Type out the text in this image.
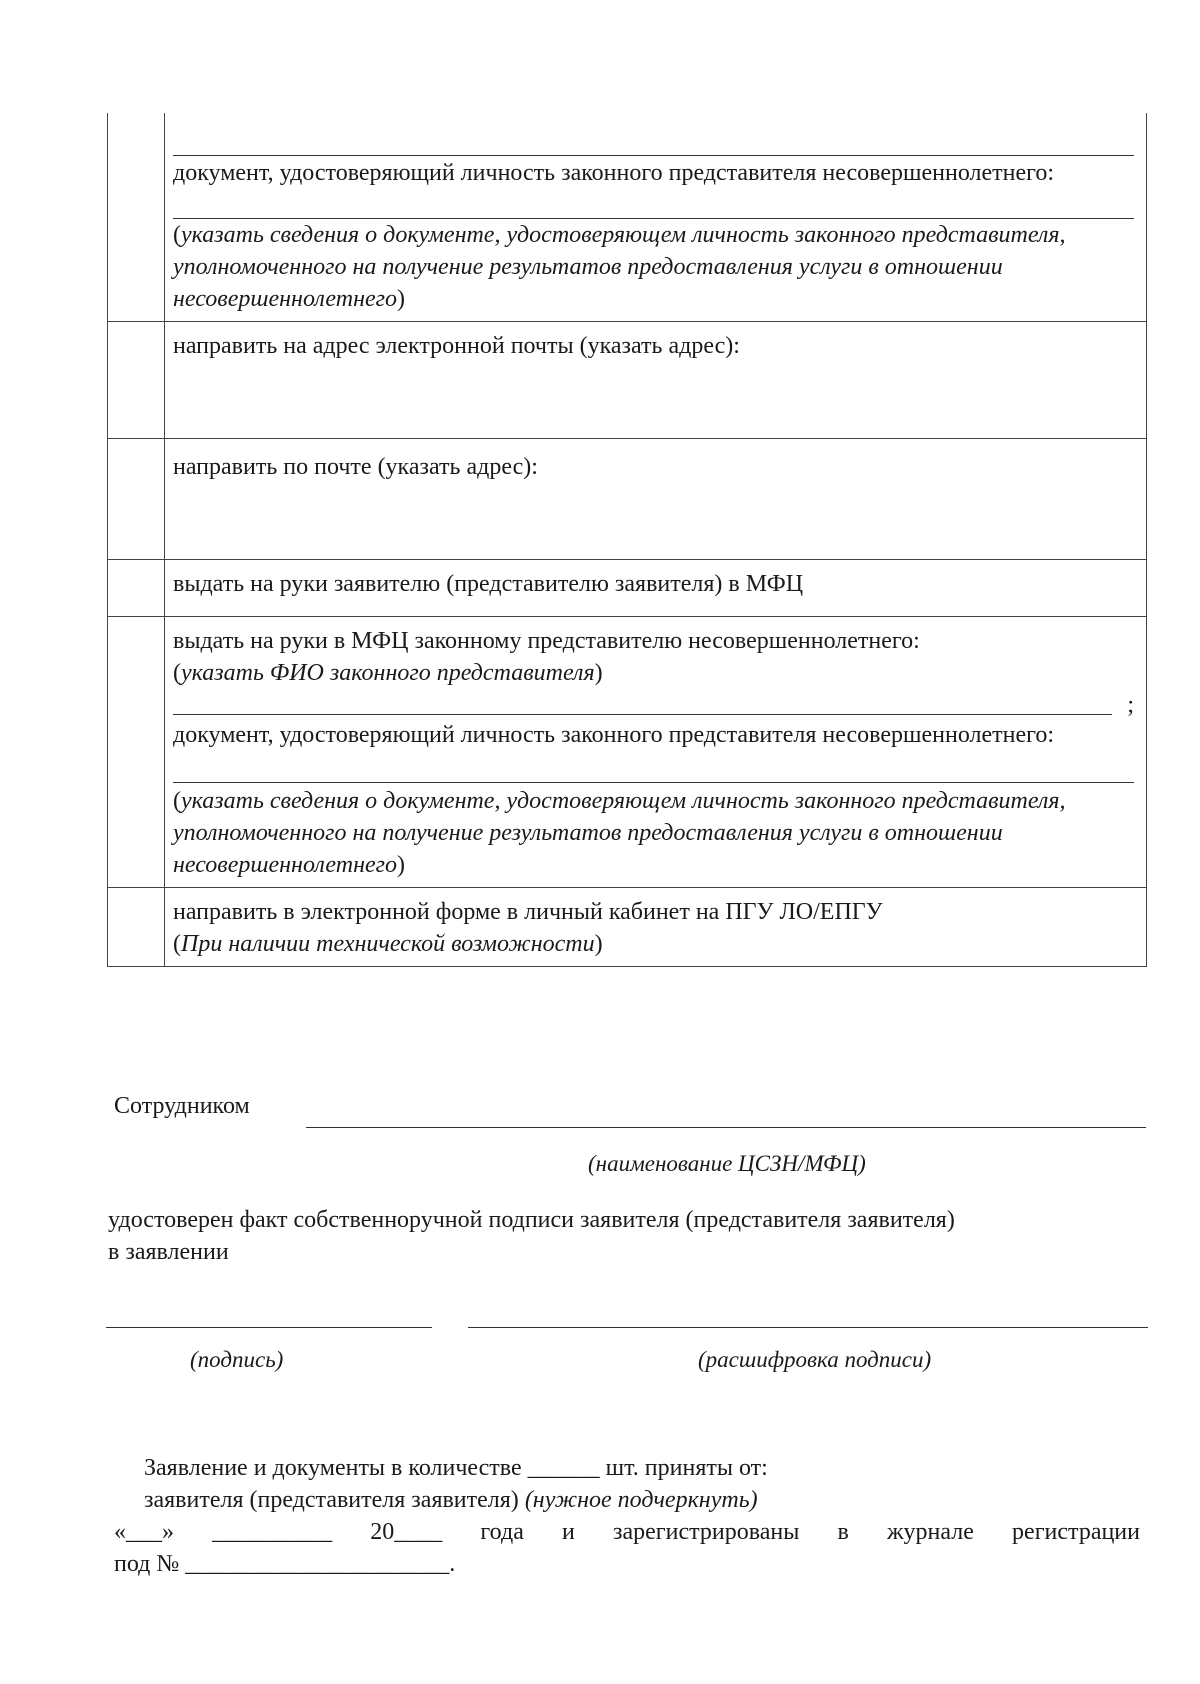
	документ, удостоверяющий личность законного представителя несовершеннолетнего:
(указать сведения о документе, удостоверяющем личность законного представителя, уполномоченного на получение результатов предоставления услуги в отношении несовершеннолетнего)

	направить на адрес электронной почты (указать адрес):

	направить по почте (указать адрес):

	выдать на руки заявителю (представителю заявителя) в МФЦ

	выдать на руки в МФЦ законному представителю несовершеннолетнего:
(указать ФИО законного представителя)
;
документ, удостоверяющий личность законного представителя несовершеннолетнего:
(указать сведения о документе, удостоверяющем личность законного представителя, уполномоченного на получение результатов предоставления услуги в отношении несовершеннолетнего)

	направить в электронной форме в личный кабинет на ПГУ ЛО/ЕПГУ
(При наличии технической возможности)
Сотрудником
(наименование ЦСЗН/МФЦ)
удостоверен факт собственноручной подписи заявителя (представителя заявителя)
в заявлении
(подпись)	(расшифровка подписи)
Заявление и документы в количестве ______ шт. приняты от:
заявителя (представителя заявителя) (нужное подчеркнуть)
«___» __________ 20____ года и зарегистрированы в журнале регистрации
под № ______________________.
